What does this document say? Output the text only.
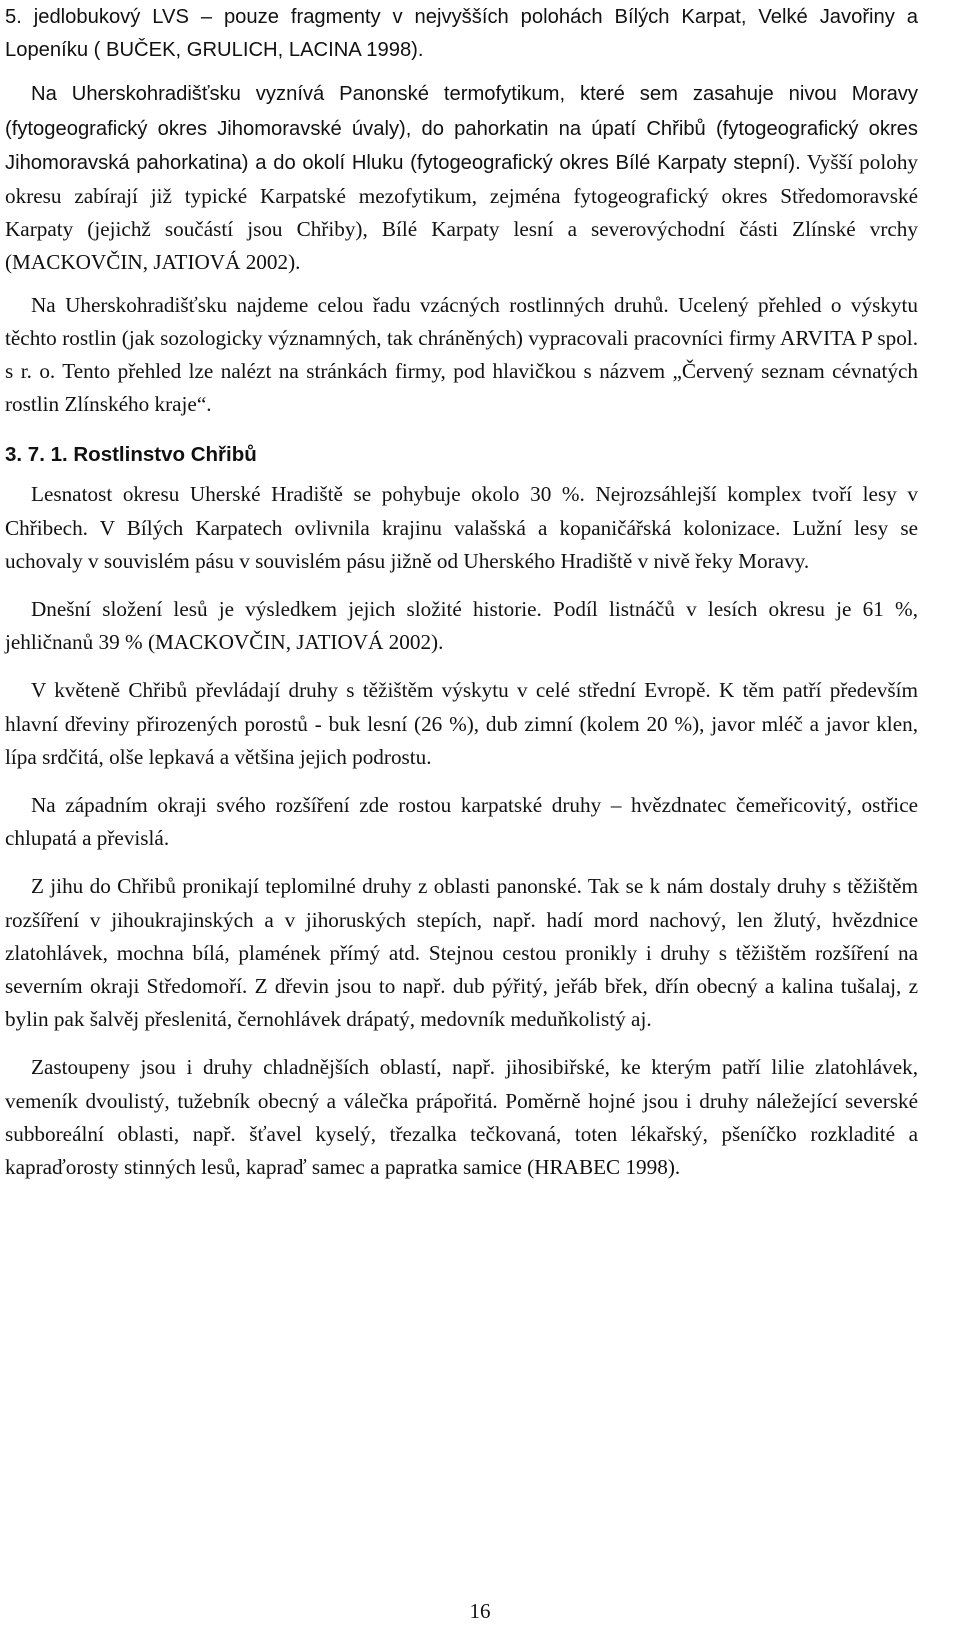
5. jedlobukový LVS – pouze fragmenty v nejvyšších polohách Bílých Karpat, Velké Javořiny a Lopeníku ( BUČEK, GRULICH, LACINA 1998).

Na Uherskohradišťsku vyznívá Panonské termofytikum, které sem zasahuje nivou Moravy (fytogeografický okres Jihomoravské úvaly), do pahorkatin na úpatí Chřibů (fytogeografický okres Jihomoravská pahorkatina) a do okolí Hluku (fytogeografický okres Bílé Karpaty stepní). Vyšší polohy okresu zabírají již typické Karpatské mezofytikum, zejména fytogeografický okres Středomoravské Karpaty (jejichž součástí jsou Chřiby), Bílé Karpaty lesní a severovýchodní části Zlínské vrchy (MACKOVČIN, JATIOVÁ 2002).

Na Uherskohradišťsku najdeme celou řadu vzácných rostlinných druhů. Ucelený přehled o výskytu těchto rostlin (jak sozologicky významných, tak chráněných) vypracovali pracovníci firmy ARVITA P spol. s r. o. Tento přehled lze nalézt na stránkách firmy, pod hlavičkou s názvem „Červený seznam cévnatých rostlin Zlínského kraje“.

3. 7. 1. Rostlinstvo Chřibů

Lesnatost okresu Uherské Hradiště se pohybuje okolo 30 %. Nejrozsáhlejší komplex tvoří lesy v Chřibech. V Bílých Karpatech ovlivnila krajinu valašská a kopaničářská kolonizace. Lužní lesy se uchovaly v souvislém pásu v souvislém pásu jižně od Uherského Hradiště v nivě řeky Moravy.

Dnešní složení lesů je výsledkem jejich složité historie. Podíl listnáčů v lesích okresu je 61 %, jehličnanů 39 % (MACKOVČIN, JATIOVÁ 2002).

V květeně Chřibů převládají druhy s těžištěm výskytu v celé střední Evropě. K těm patří především hlavní dřeviny přirozených porostů - buk lesní (26 %), dub zimní (kolem 20 %), javor mléč a javor klen, lípa srdčitá, olše lepkavá a většina jejich podrostu.

Na západním okraji svého rozšíření zde rostou karpatské druhy – hvězdnatec čemeřicovitý, ostřice chlupatá a převislá.

Z jihu do Chřibů pronikají teplomilné druhy z oblasti panonské. Tak se k nám dostaly druhy s těžištěm rozšíření v jihoukrajinských a v jihoruských stepích, např. hadí mord nachový, len žlutý, hvězdnice zlatohlávek, mochna bílá, plamének přímý atd. Stejnou cestou pronikly i druhy s těžištěm rozšíření na severním okraji Středomoří. Z dřevin jsou to např. dub pýřitý, jeřáb břek, dřín obecný a kalina tušalaj, z bylin pak šalvěj přeslenitá, černohlávek drápatý, medovník meduňkolistý aj.

Zastoupeny jsou i druhy chladnějších oblastí, např. jihosibiřské, ke kterým patří lilie zlatohlávek, vemeník dvoulistý, tužebník obecný a válečka prápořitá. Poměrně hojné jsou i druhy náležející severské subboreální oblasti, např. šťavel kyselý, třezalka tečkovaná, toten lékařský, pšeníčko rozkladité a kapraďorosty stinných lesů, kapraď samec a papratka samice (HRABEC 1998).

16
